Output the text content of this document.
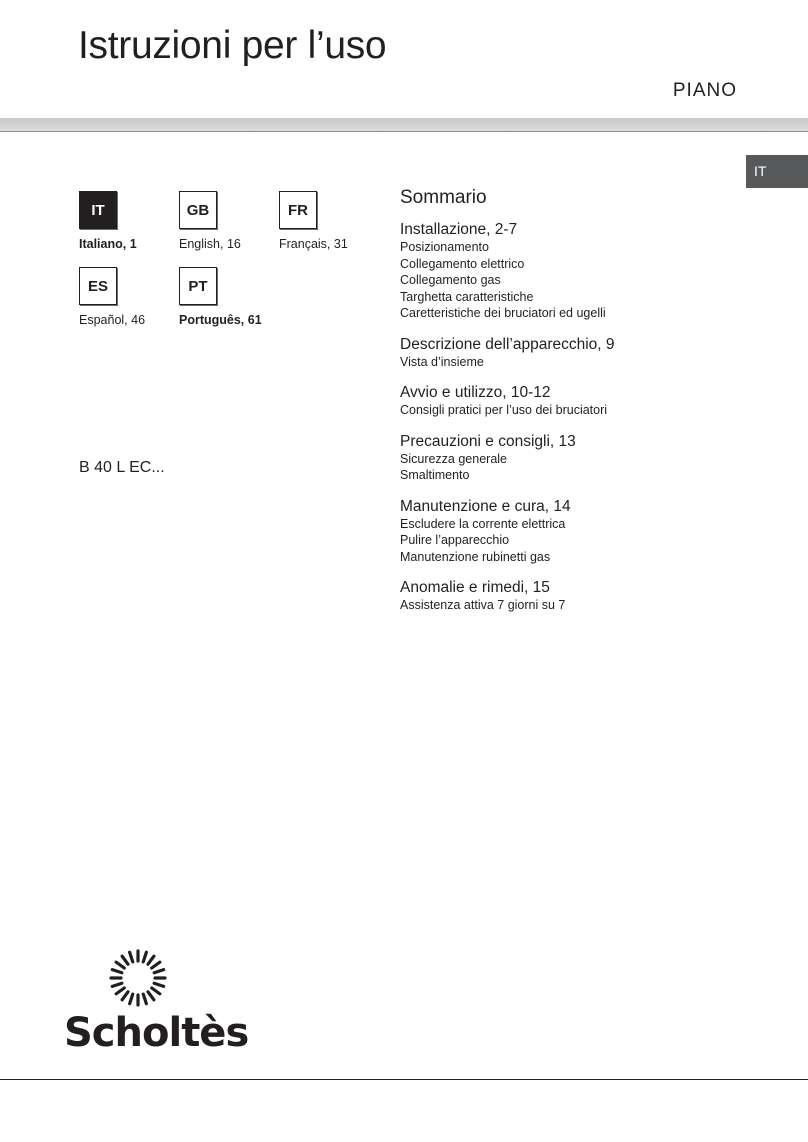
Istruzioni per l’uso
PIANO
IT
IT
Italiano, 1
GB
English, 16
FR
Français, 31
ES
Español, 46
PT
Português, 61
B 40 L EC...
Sommario
Installazione, 2-7
Posizionamento
Collegamento elettrico
Collegamento gas
Targhetta caratteristiche
Caretteristiche dei bruciatori ed ugelli
Descrizione dell’apparecchio, 9
Vista d’insieme
Avvio e utilizzo, 10-12
Consigli pratici per l’uso dei bruciatori
Precauzioni e consigli, 13
Sicurezza generale
Smaltimento
Manutenzione e cura, 14
Escludere la corrente elettrica
Pulire l’apparecchio
Manutenzione rubinetti gas
Anomalie e rimedi, 15
Assistenza attiva 7 giorni su 7
Scholtès
